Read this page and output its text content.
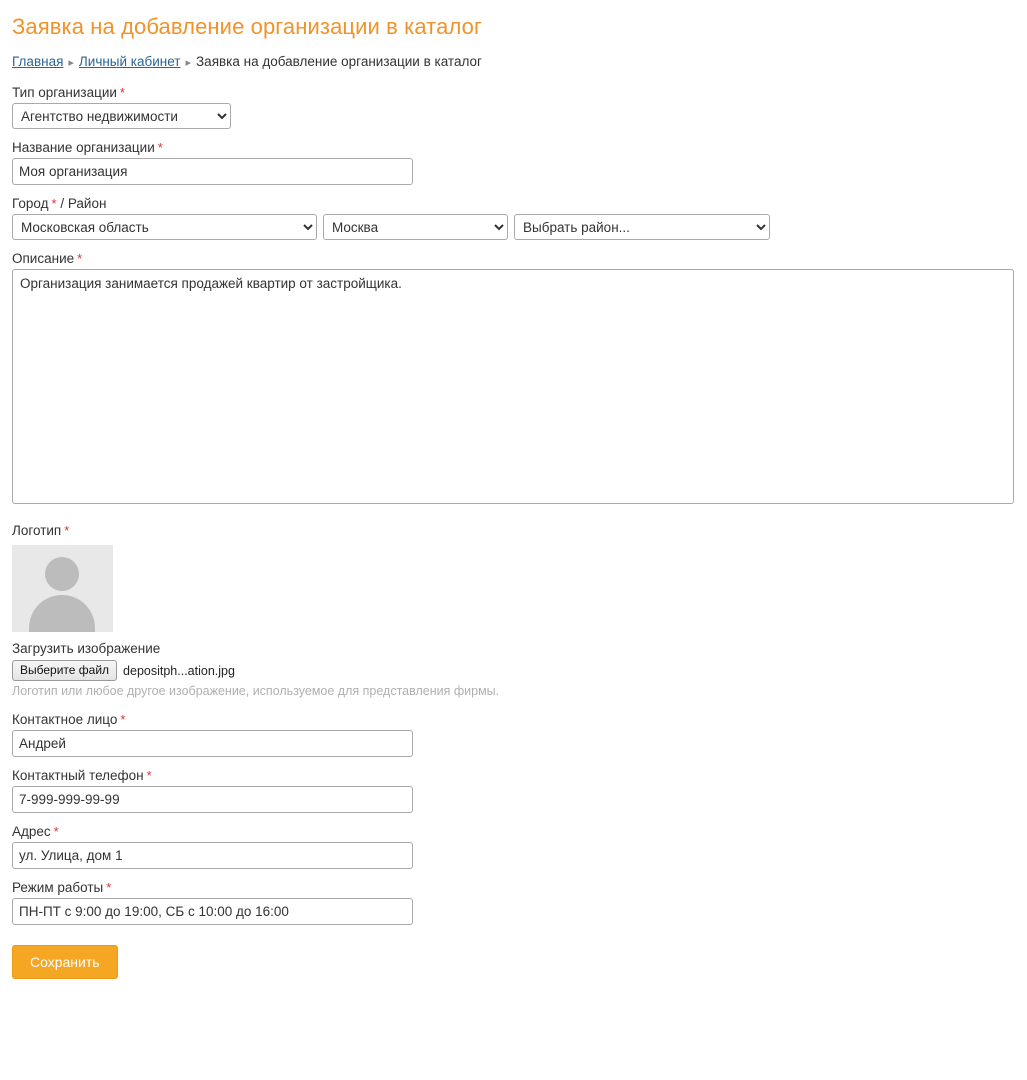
Заявка на добавление организации в каталог
Главная ▸ Личный кабинет ▸ Заявка на добавление организации в каталог
Тип организации *
Агентство недвижимости
Название организации *
Моя организация
Город * / Район
Московская область
Москва
Выбрать район...
Описание *
Организация занимается продажей квартир от застройщика.
Логотип *
Загрузить изображение
Выберите файл	depositph...ation.jpg
Логотип или любое другое изображение, используемое для представления фирмы.
Контактное лицо *
Андрей
Контактный телефон *
7-999-999-99-99
Адрес *
ул. Улица, дом 1
Режим работы *
ПН-ПТ с 9:00 до 19:00, СБ с 10:00 до 16:00
Сохранить
